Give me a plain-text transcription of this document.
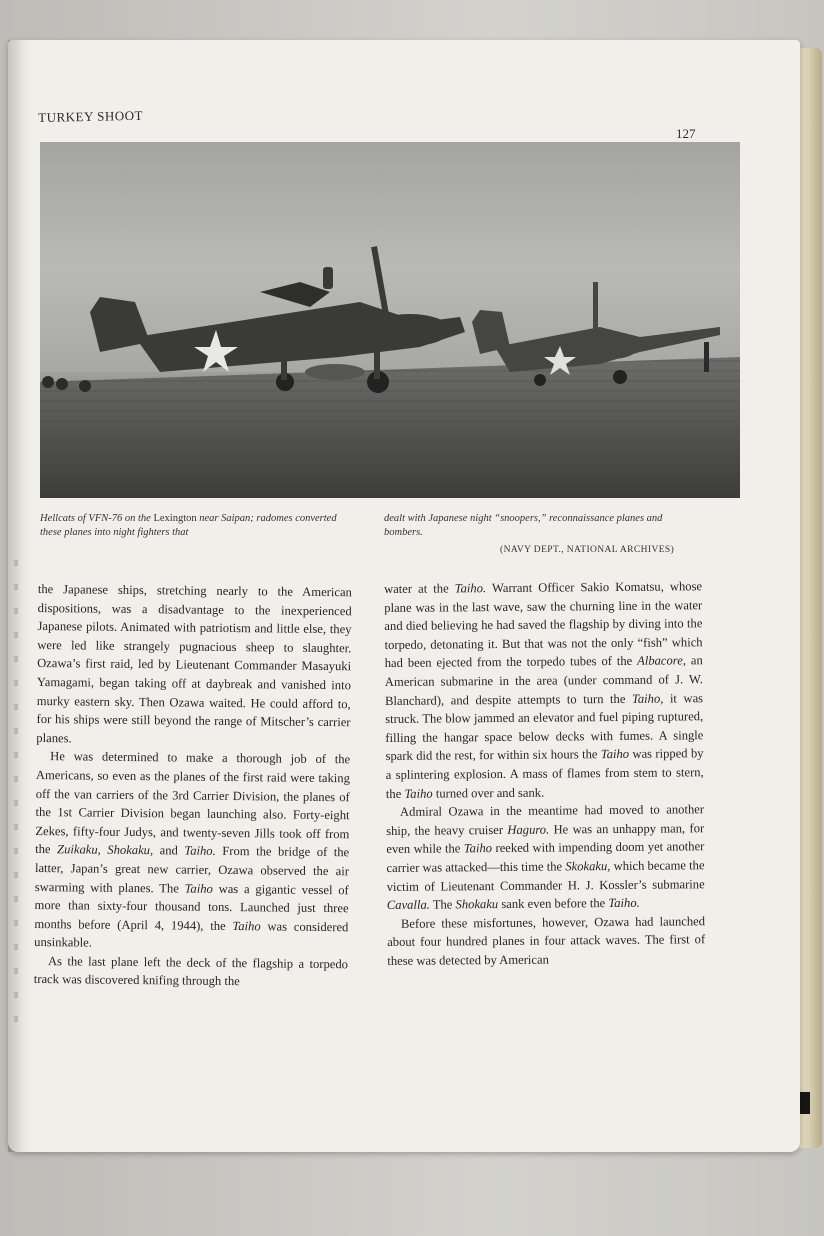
TURKEY SHOOT
127
Hellcats of VFN-76 on the Lexington near Saipan; radomes converted these planes into night fighters that
dealt with Japanese night “snoopers,” reconnaissance planes and bombers.
(NAVY DEPT., NATIONAL ARCHIVES)

the Japanese ships, stretching nearly to the American dispositions, was a disadvantage to the inexperienced Japanese pilots. Animated with patriotism and little else, they were led like strangely pugnacious sheep to slaughter. Ozawa’s first raid, led by Lieutenant Commander Masayuki Yamagami, began taking off at daybreak and vanished into murky eastern sky. Then Ozawa waited. He could afford to, for his ships were still beyond the range of Mitscher’s carrier planes.

He was determined to make a thorough job of the Americans, so even as the planes of the first raid were taking off the van carriers of the 3rd Carrier Division, the planes of the 1st Carrier Division began launching also. Forty-eight Zekes, fifty-four Judys, and twenty-seven Jills took off from the Zuikaku, Shokaku, and Taiho. From the bridge of the latter, Japan’s great new carrier, Ozawa observed the air swarming with planes. The Taiho was a gigantic vessel of more than sixty-four thousand tons. Launched just three months before (April 4, 1944), the Taiho was considered unsinkable.

As the last plane left the deck of the flagship a torpedo track was discovered knifing through the

water at the Taiho. Warrant Officer Sakio Komatsu, whose plane was in the last wave, saw the churning line in the water and died believing he had saved the flagship by diving into the torpedo, detonating it. But that was not the only “fish” which had been ejected from the torpedo tubes of the Albacore, an American submarine in the area (under command of J. W. Blanchard), and despite attempts to turn the Taiho, it was struck. The blow jammed an elevator and fuel piping ruptured, filling the hangar space below decks with fumes. A single spark did the rest, for within six hours the Taiho was ripped by a splintering explosion. A mass of flames from stem to stern, the Taiho turned over and sank.

Admiral Ozawa in the meantime had moved to another ship, the heavy cruiser Haguro. He was an unhappy man, for even while the Taiho reeked with impending doom yet another carrier was attacked—this time the Skokaku, which became the victim of Lieutenant Commander H. J. Kossler’s submarine Cavalla. The Shokaku sank even before the Taiho.

Before these misfortunes, however, Ozawa had launched about four hundred planes in four attack waves. The first of these was detected by American
